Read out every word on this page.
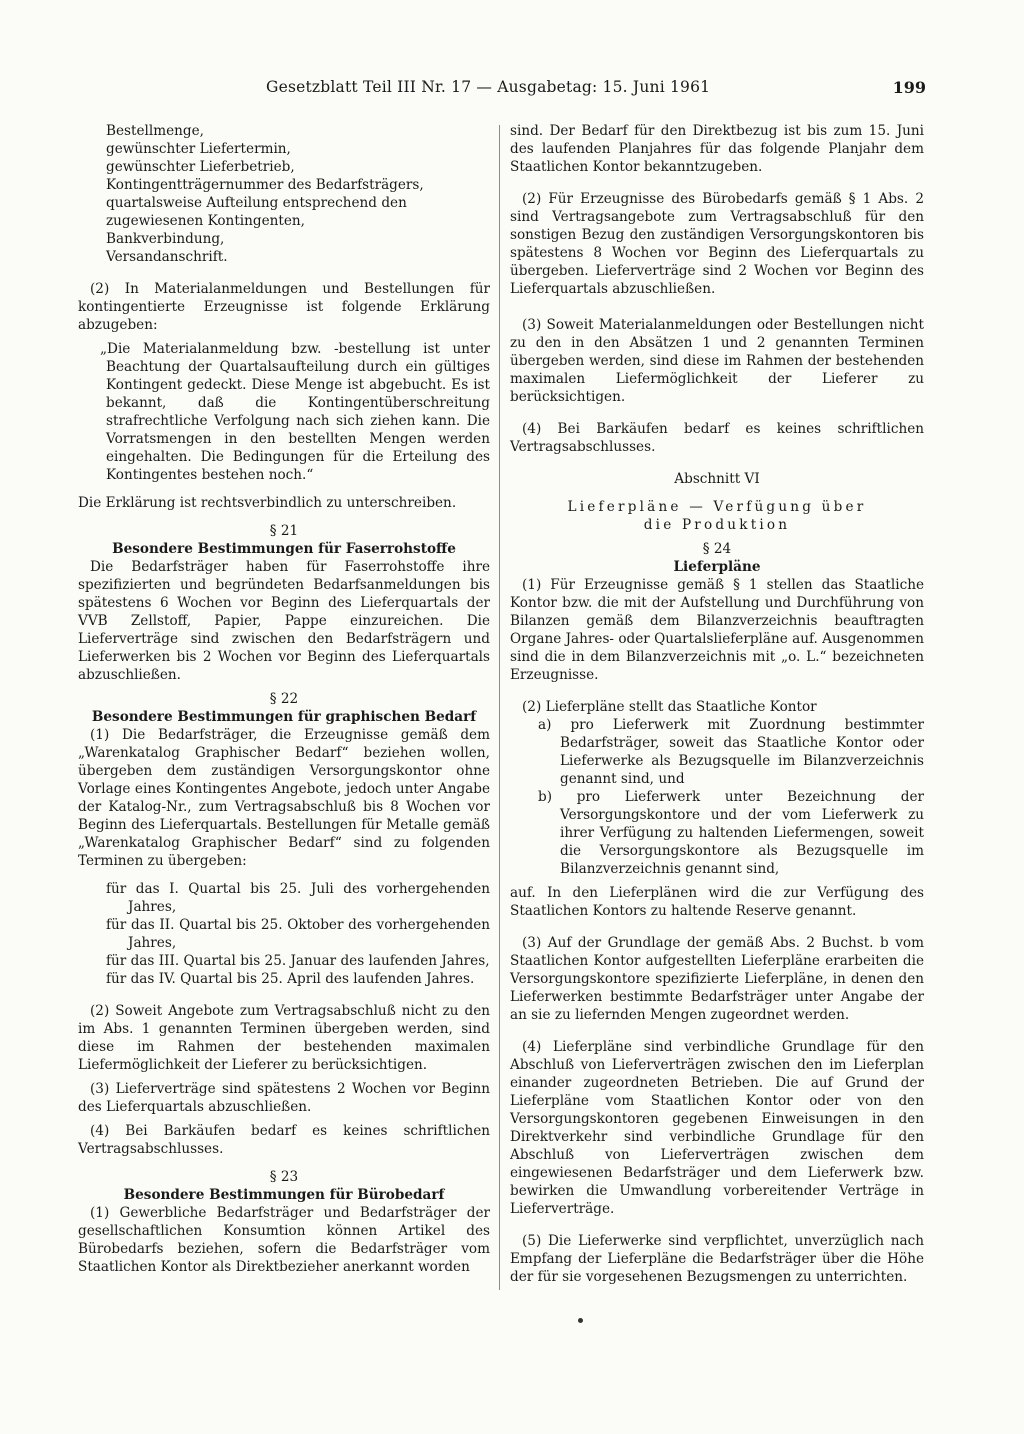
Gesetzblatt Teil III Nr. 17 — Ausgabetag: 15. Juni 1961	199

Bestellmenge,

gewünschter Liefertermin,

gewünschter Lieferbetrieb,

Kontingentträgernummer des Bedarfsträgers,

quartalsweise Aufteilung entsprechend den zugewiesenen Kontingenten,

Bankverbindung,

Versandanschrift.

(2) In Materialanmeldungen und Bestellungen für kontingentierte Erzeugnisse ist folgende Erklärung abzugeben:

„Die Materialanmeldung bzw. -bestellung ist unter Beachtung der Quartalsaufteilung durch ein gültiges Kontingent gedeckt. Diese Menge ist abgebucht. Es ist bekannt, daß die Kontingentüberschreitung strafrechtliche Verfolgung nach sich ziehen kann. Die Vorratsmengen in den bestellten Mengen werden eingehalten. Die Bedingungen für die Erteilung des Kontingentes bestehen noch.“

Die Erklärung ist rechtsverbindlich zu unterschreiben.

§ 21

Besondere Bestimmungen für Faserrohstoffe

Die Bedarfsträger haben für Faserrohstoffe ihre spezifizierten und begründeten Bedarfsanmeldungen bis spätestens 6 Wochen vor Beginn des Lieferquartals der VVB Zellstoff, Papier, Pappe einzureichen. Die Lieferverträge sind zwischen den Bedarfsträgern und Lieferwerken bis 2 Wochen vor Beginn des Lieferquartals abzuschließen.

§ 22

Besondere Bestimmungen für graphischen Bedarf

(1) Die Bedarfsträger, die Erzeugnisse gemäß dem „Warenkatalog Graphischer Bedarf“ beziehen wollen, übergeben dem zuständigen Versorgungskontor ohne Vorlage eines Kontingentes Angebote, jedoch unter Angabe der Katalog-Nr., zum Vertragsabschluß bis 8 Wochen vor Beginn des Lieferquartals. Bestellungen für Metalle gemäß „Warenkatalog Graphischer Bedarf“ sind zu folgenden Terminen zu übergeben:

für das I. Quartal bis 25. Juli des vorhergehenden Jahres,

für das II. Quartal bis 25. Oktober des vorhergehenden Jahres,

für das III. Quartal bis 25. Januar des laufenden Jahres,

für das IV. Quartal bis 25. April des laufenden Jahres.

(2) Soweit Angebote zum Vertragsabschluß nicht zu den im Abs. 1 genannten Terminen übergeben werden, sind diese im Rahmen der bestehenden maximalen Liefermöglichkeit der Lieferer zu berücksichtigen.

(3) Lieferverträge sind spätestens 2 Wochen vor Beginn des Lieferquartals abzuschließen.

(4) Bei Barkäufen bedarf es keines schriftlichen Vertragsabschlusses.

§ 23

Besondere Bestimmungen für Bürobedarf

(1) Gewerbliche Bedarfsträger und Bedarfsträger der gesellschaftlichen Konsumtion können Artikel des Bürobedarfs beziehen, sofern die Bedarfsträger vom Staatlichen Kontor als Direktbezieher anerkannt worden

sind. Der Bedarf für den Direktbezug ist bis zum 15. Juni des laufenden Planjahres für das folgende Planjahr dem Staatlichen Kontor bekanntzugeben.

(2) Für Erzeugnisse des Bürobedarfs gemäß § 1 Abs. 2 sind Vertragsangebote zum Vertragsabschluß für den sonstigen Bezug den zuständigen Versorgungskontoren bis spätestens 8 Wochen vor Beginn des Lieferquartals zu übergeben. Lieferverträge sind 2 Wochen vor Beginn des Lieferquartals abzuschließen.

(3) Soweit Materialanmeldungen oder Bestellungen nicht zu den in den Absätzen 1 und 2 genannten Terminen übergeben werden, sind diese im Rahmen der bestehenden maximalen Liefermöglichkeit der Lieferer zu berücksichtigen.

(4) Bei Barkäufen bedarf es keines schriftlichen Vertragsabschlusses.

Abschnitt VI

Lieferpläne — Verfügung über

die Produktion

§ 24

Lieferpläne

(1) Für Erzeugnisse gemäß § 1 stellen das Staatliche Kontor bzw. die mit der Aufstellung und Durchführung von Bilanzen gemäß dem Bilanzverzeichnis beauftragten Organe Jahres- oder Quartalslieferpläne auf. Ausgenommen sind die in dem Bilanzverzeichnis mit „o. L.“ bezeichneten Erzeugnisse.

(2) Lieferpläne stellt das Staatliche Kontor

a) pro Lieferwerk mit Zuordnung bestimmter Bedarfsträger, soweit das Staatliche Kontor oder Lieferwerke als Bezugsquelle im Bilanzverzeichnis genannt sind, und

b) pro Lieferwerk unter Bezeichnung der Versorgungskontore und der vom Lieferwerk zu ihrer Verfügung zu haltenden Liefermengen, soweit die Versorgungskontore als Bezugsquelle im Bilanzverzeichnis genannt sind,

auf. In den Lieferplänen wird die zur Verfügung des Staatlichen Kontors zu haltende Reserve genannt.

(3) Auf der Grundlage der gemäß Abs. 2 Buchst. b vom Staatlichen Kontor aufgestellten Lieferpläne erarbeiten die Versorgungskontore spezifizierte Lieferpläne, in denen den Lieferwerken bestimmte Bedarfsträger unter Angabe der an sie zu liefernden Mengen zugeordnet werden.

(4) Lieferpläne sind verbindliche Grundlage für den Abschluß von Lieferverträgen zwischen den im Lieferplan einander zugeordneten Betrieben. Die auf Grund der Lieferpläne vom Staatlichen Kontor oder von den Versorgungskontoren gegebenen Einweisungen in den Direktverkehr sind verbindliche Grundlage für den Abschluß von Lieferverträgen zwischen dem eingewiesenen Bedarfsträger und dem Lieferwerk bzw. bewirken die Umwandlung vorbereitender Verträge in Lieferverträge.

(5) Die Lieferwerke sind verpflichtet, unverzüglich nach Empfang der Lieferpläne die Bedarfsträger über die Höhe der für sie vorgesehenen Bezugsmengen zu unterrichten.
